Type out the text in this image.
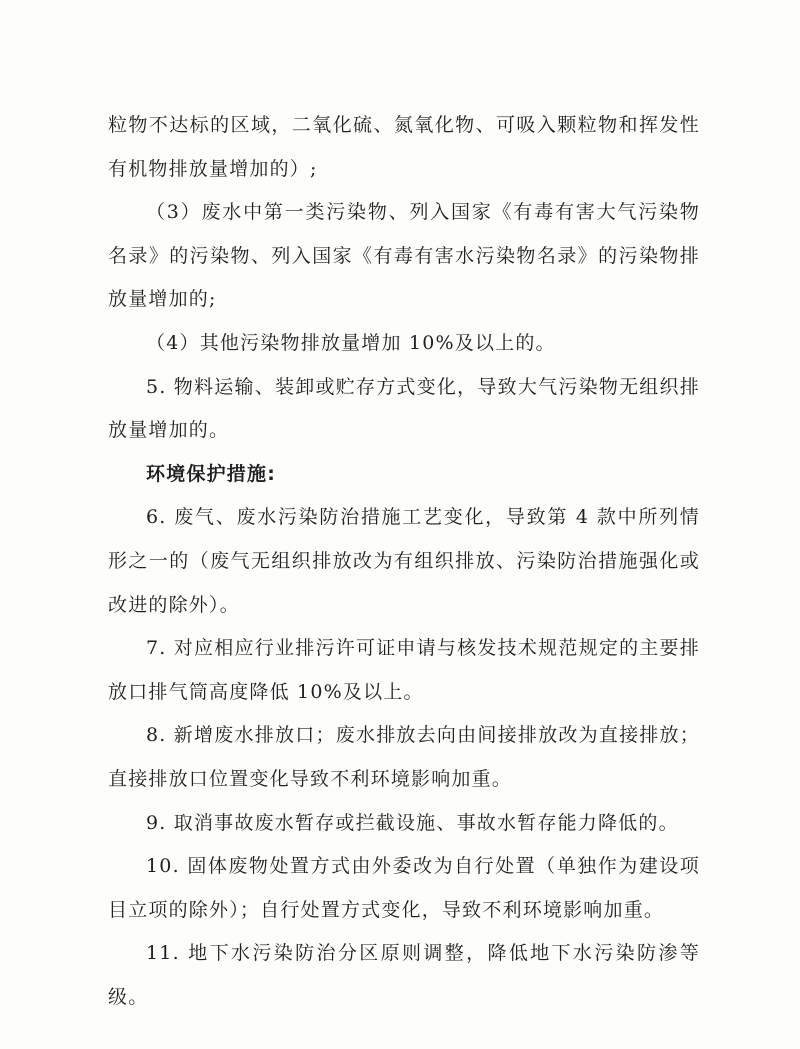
粒物不达标的区域，二氧化硫、氮氧化物、可吸入颗粒物和挥发性有机物排放量增加的）;

（3）废水中第一类污染物、列入国家《有毒有害大气污染物名录》的污染物、列入国家《有毒有害水污染物名录》的污染物排放量增加的;

（4）其他污染物排放量增加 10%及以上的。

5. 物料运输、装卸或贮存方式变化，导致大气污染物无组织排放量增加的。

环境保护措施:

6. 废气、废水污染防治措施工艺变化，导致第 4 款中所列情形之一的（废气无组织排放改为有组织排放、污染防治措施强化或改进的除外）。

7. 对应相应行业排污许可证申请与核发技术规范规定的主要排放口排气筒高度降低 10%及以上。

8. 新增废水排放口；废水排放去向由间接排放改为直接排放；直接排放口位置变化导致不利环境影响加重。

9. 取消事故废水暂存或拦截设施、事故水暂存能力降低的。

10. 固体废物处置方式由外委改为自行处置（单独作为建设项目立项的除外）；自行处置方式变化，导致不利环境影响加重。

11. 地下水污染防治分区原则调整，降低地下水污染防渗等级。
